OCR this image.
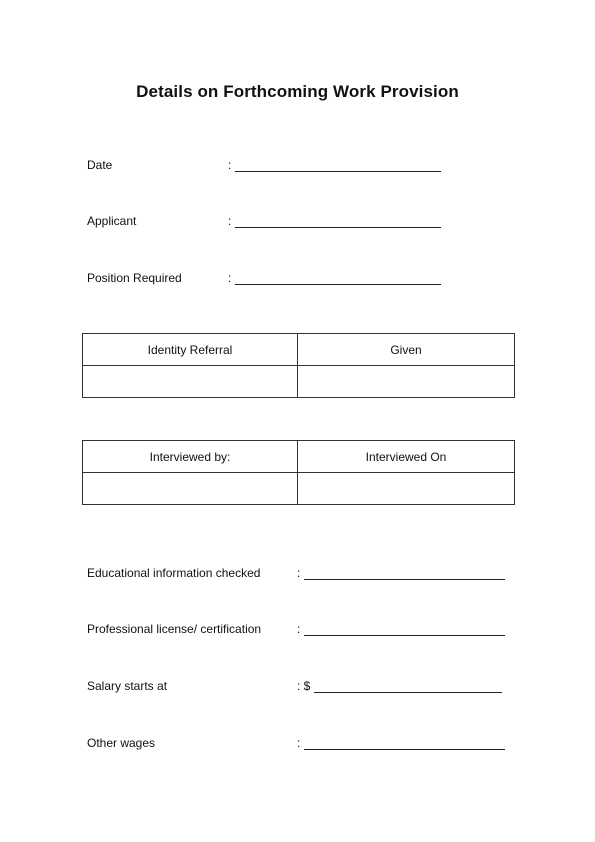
Details on Forthcoming Work Provision
Date	:
Applicant	:
Position Required	:
Identity Referral	Given

Interviewed by:	Interviewed On

Educational information checked	:
Professional license/ certification	:
Salary starts at	: $
Other wages	:
